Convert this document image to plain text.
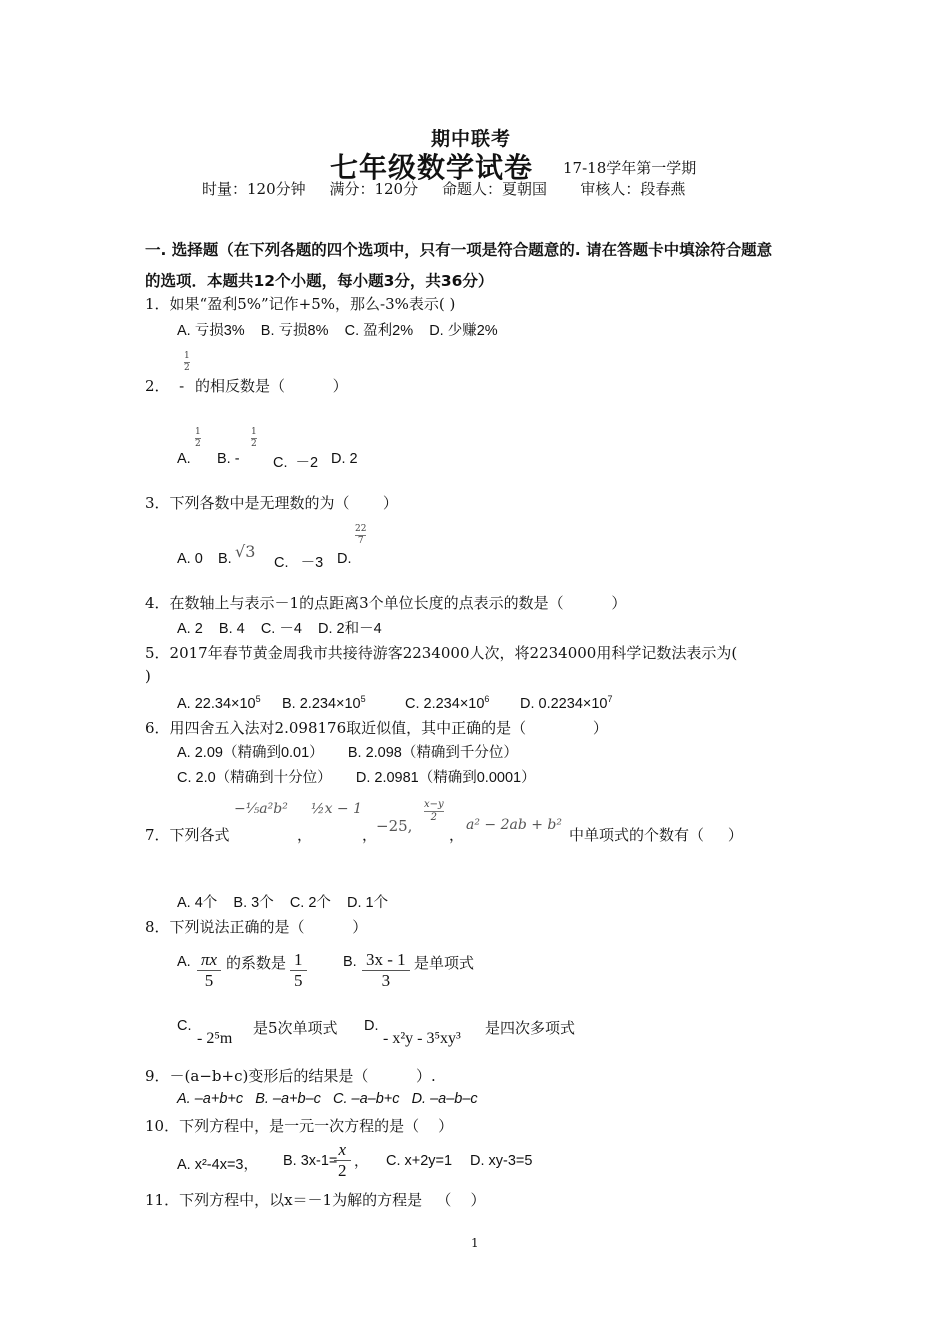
期中联考
七年级数学试卷 17-18学年第一学期
时量：120分钟     满分：120分     命题人：夏朝国       审核人：段春燕
一. 选择题（在下列各题的四个选项中，只有一项是符合题意的. 请在答题卡中填涂符合题意
的选项．本题共12个小题，每小题3分，共36分）
1．如果“盈利5%”记作+5%，那么-3%表示( )
A. 亏损3%    B. 亏损8%    C. 盈利2%    D. 少赚2%
2．  -
1
2
的相反数是（          ）
A.
1
2
B. -
1
2
C.  －2 D. 2
3．下列各数中是无理数的为（       ）
A. 0 B. √3
C.   －3 D.
22
7
4．在数轴上与表示－1的点距离3个单位长度的点表示的数是（          ）
A. 2    B. 4    C. －4    D. 2和－4
5．2017年春节黄金周我市共接待游客2234000人次，将2234000用科学记数法表示为(
)
A. $22.34\times 10^5$ B. $2.234\times 10^5$	C. $2.234\times 10^6$ D. $0.2234\times 10^7$
6．用四舍五入法对2.098176取近似值，其中正确的是（              ）
A. 2.09（精确到0.01）      B. 2.098（精确到千分位）
C. 2.0（精确到十分位）      D. 2.0981（精确到0.0001）
7．下列各式
−⅕a²b²
，
½x − 1
，
−25,
x−y
2
，
a² − 2ab + b²
中单项式的个数有（     ）
A. 4个    B. 3个    C. 2个    D. 1个
8．下列说法正确的是（          ）
A. $\frac{\pi x}{5}$ 的系数是 $\frac{1}{5}$	B. $\frac{3x - 1}{3}$ 是单项式
C.
- 2⁵m
是5次单项式 D.
- x²y - 3⁵xy³
是四次多项式
9．－(a−b+c)变形后的结果是（          ）.
A. –a+b+c   B. –a+b–c   C. –a–b+c   D. –a–b–c
10．下列方程中，是一元一次方程的是（    ）
A. x²-4x=3， B. 3x-1=
$\frac{x}{2}$ ， C. x+2y=1 D. xy-3=5
11．下列方程中，以x＝－1为解的方程是   （    ）
1
